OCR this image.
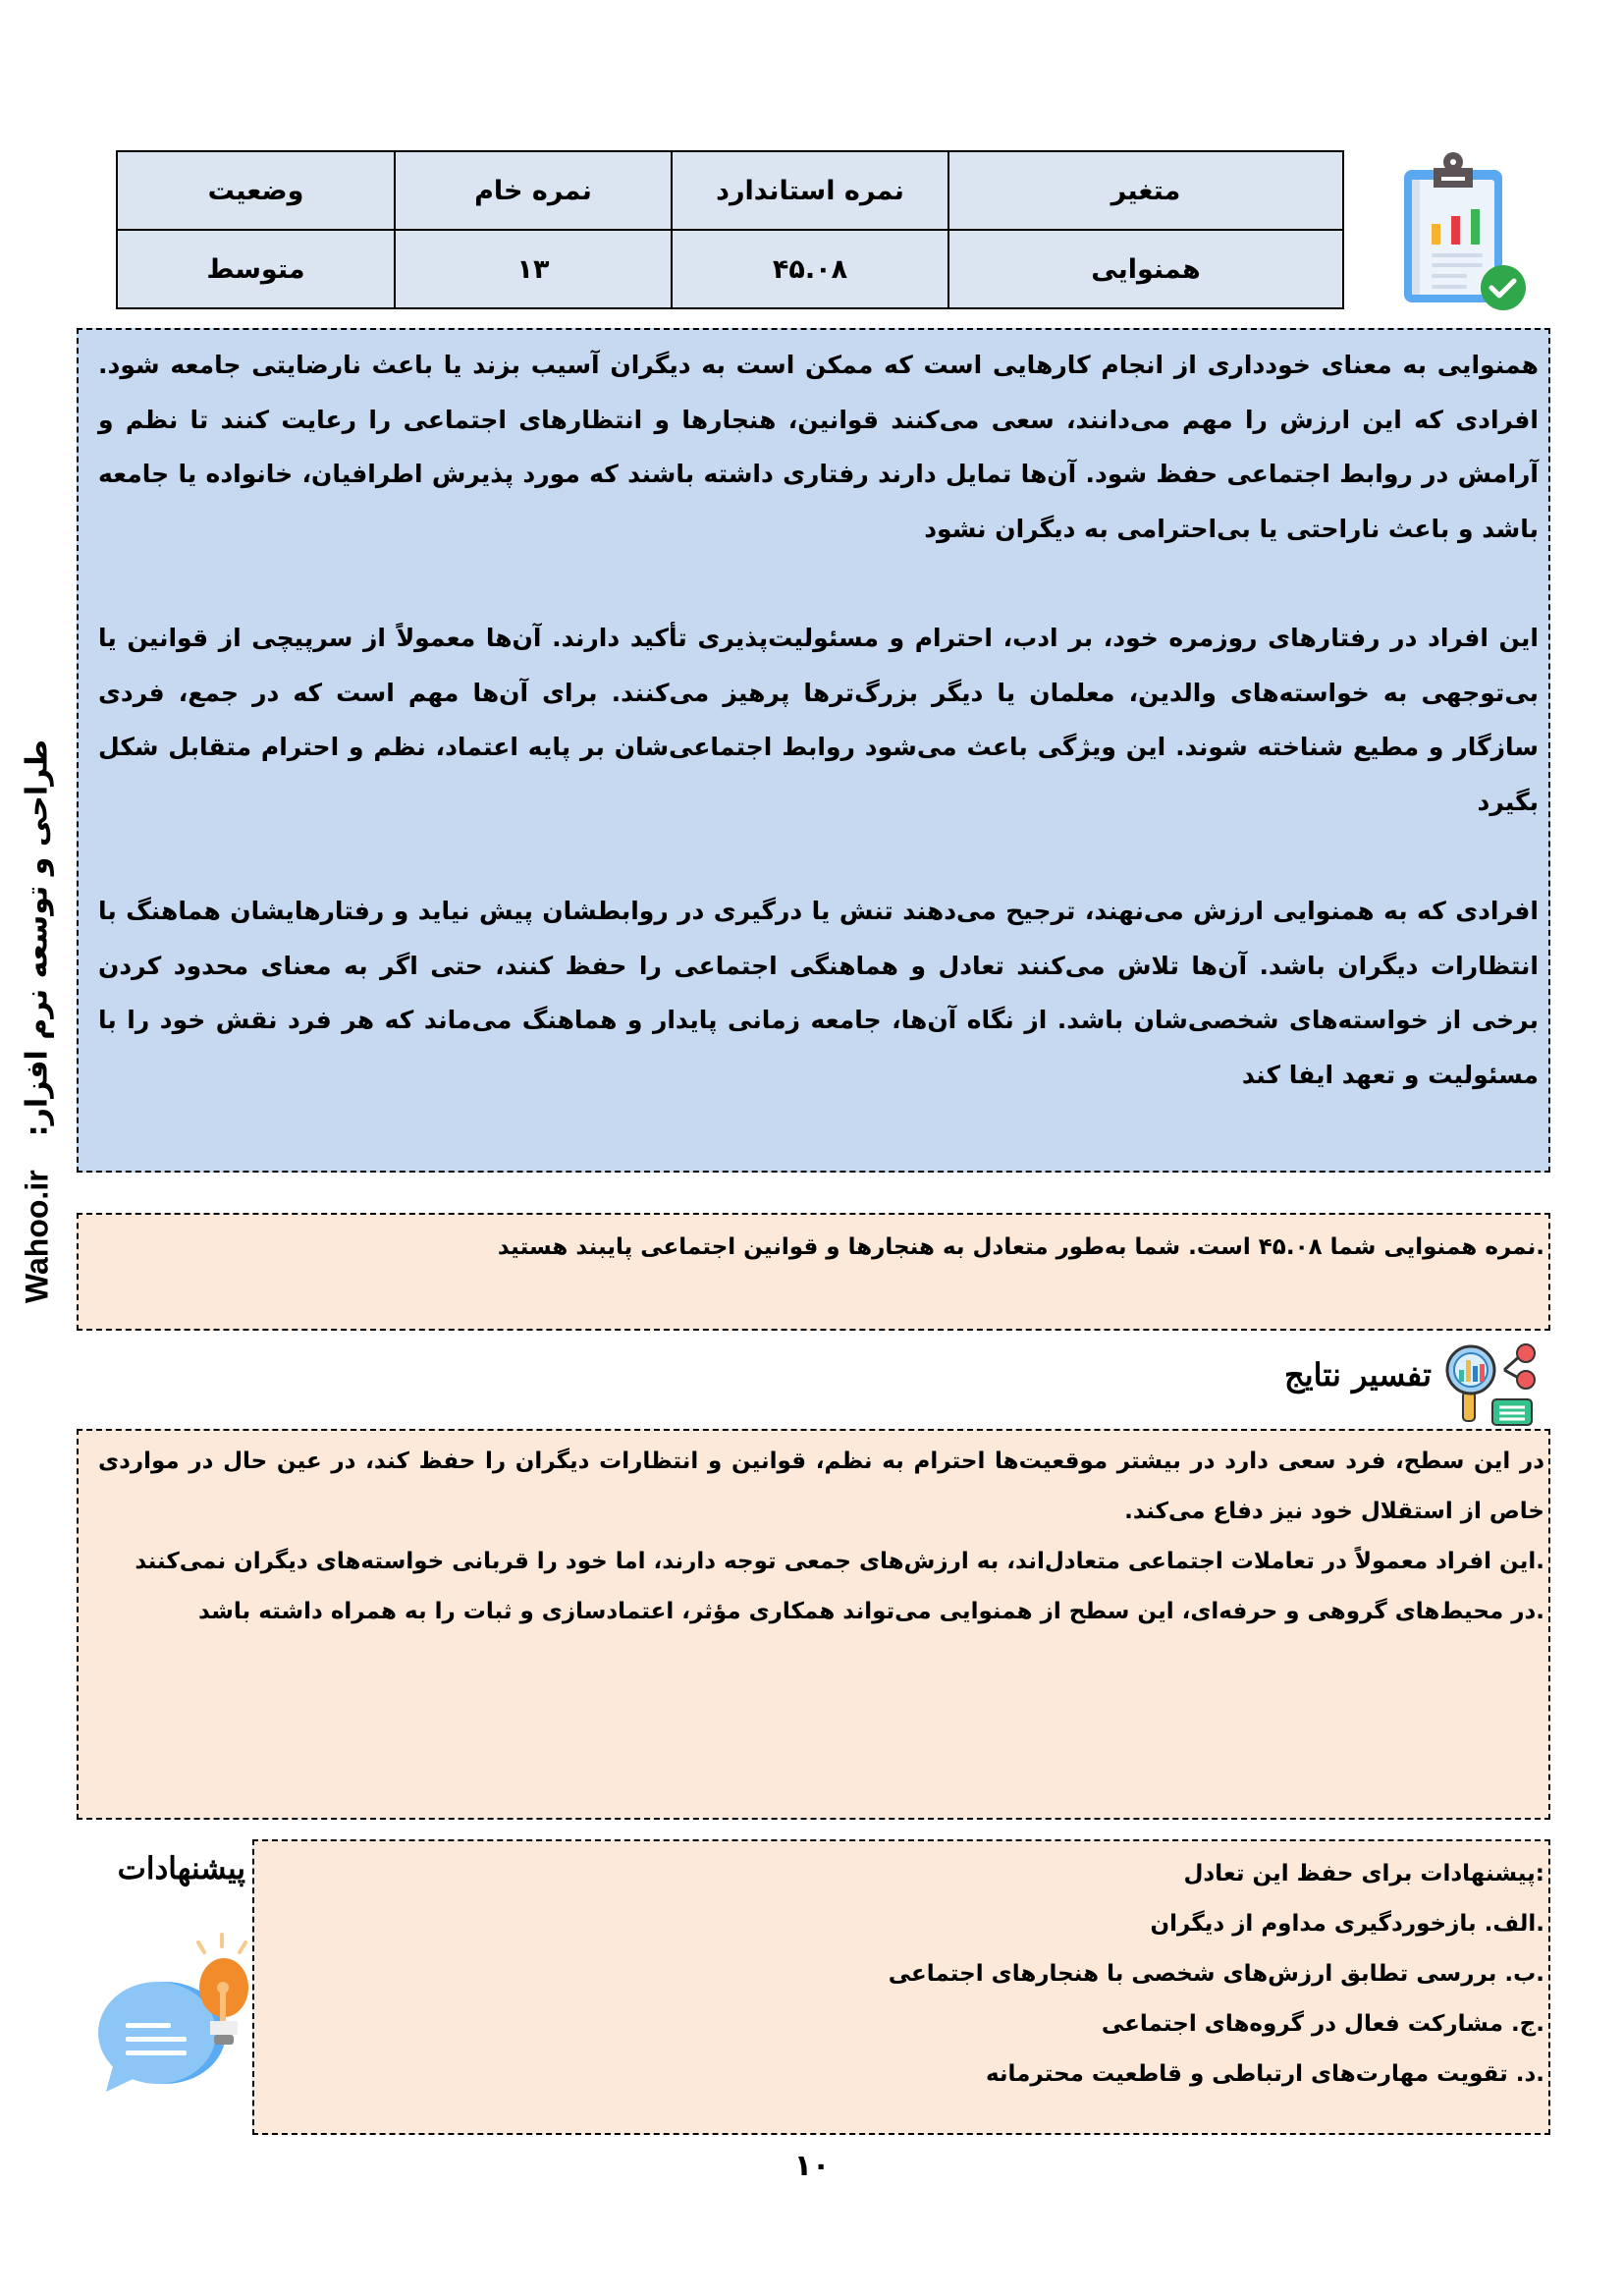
متغیر	نمره استاندارد	نمره خام	وضعیت
همنوایی	۴۵.۰۸	۱۳	متوسط

همنوایی به معنای خودداری از انجام کارهایی است که ممکن است به دیگران آسیب بزند یا باعث نارضایتی جامعه شود. افرادی که این ارزش را مهم می‌دانند، سعی می‌کنند قوانین، هنجارها و انتظارهای اجتماعی را رعایت کنند تا نظم و آرامش در روابط اجتماعی حفظ شود. آن‌ها تمایل دارند رفتاری داشته باشند که مورد پذیرش اطرافیان، خانواده یا جامعه باشد و باعث ناراحتی یا بی‌احترامی به دیگران نشود

این افراد در رفتارهای روزمره خود، بر ادب، احترام و مسئولیت‌پذیری تأکید دارند. آن‌ها معمولاً از سرپیچی از قوانین یا بی‌توجهی به خواسته‌های والدین، معلمان یا دیگر بزرگ‌ترها پرهیز می‌کنند. برای آن‌ها مهم است که در جمع، فردی سازگار و مطیع شناخته شوند. این ویژگی باعث می‌شود روابط اجتماعی‌شان بر پایه اعتماد، نظم و احترام متقابل شکل بگیرد

افرادی که به همنوایی ارزش می‌نهند، ترجیح می‌دهند تنش یا درگیری در روابطشان پیش نیاید و رفتارهایشان هماهنگ با انتظارات دیگران باشد. آن‌ها تلاش می‌کنند تعادل و هماهنگی اجتماعی را حفظ کنند، حتی اگر به معنای محدود کردن برخی از خواسته‌های شخصی‌شان باشد. از نگاه آن‌ها، جامعه زمانی پایدار و هماهنگ می‌ماند که هر فرد نقش خود را با مسئولیت و تعهد ایفا کند

.نمره همنوایی شما ۴۵.۰۸ است. شما به‌طور متعادل به هنجارها و قوانین اجتماعی پایبند هستید

تفسیر نتایج

در این سطح، فرد سعی دارد در بیشتر موقعیت‌ها احترام به نظم، قوانین و انتظارات دیگران را حفظ کند، در عین حال در مواردی خاص از استقلال خود نیز دفاع می‌کند.

.این افراد معمولاً در تعاملات اجتماعی متعادل‌اند، به ارزش‌های جمعی توجه دارند، اما خود را قربانی خواسته‌های دیگران نمی‌کنند

.در محیط‌های گروهی و حرفه‌ای، این سطح از همنوایی می‌تواند همکاری مؤثر، اعتمادسازی و ثبات را به همراه داشته باشد

پیشنهادات	:پیشنهادات برای حفظ این تعادل

.الف. بازخوردگیری مداوم از دیگران

.ب. بررسی تطابق ارزش‌های شخصی با هنجارهای اجتماعی

.ج. مشارکت فعال در گروه‌های اجتماعی

.د. تقویت مهارت‌های ارتباطی و قاطعیت محترمانه

۱۰
Wahoo.ir
طراحی و توسعه نرم افزار:
